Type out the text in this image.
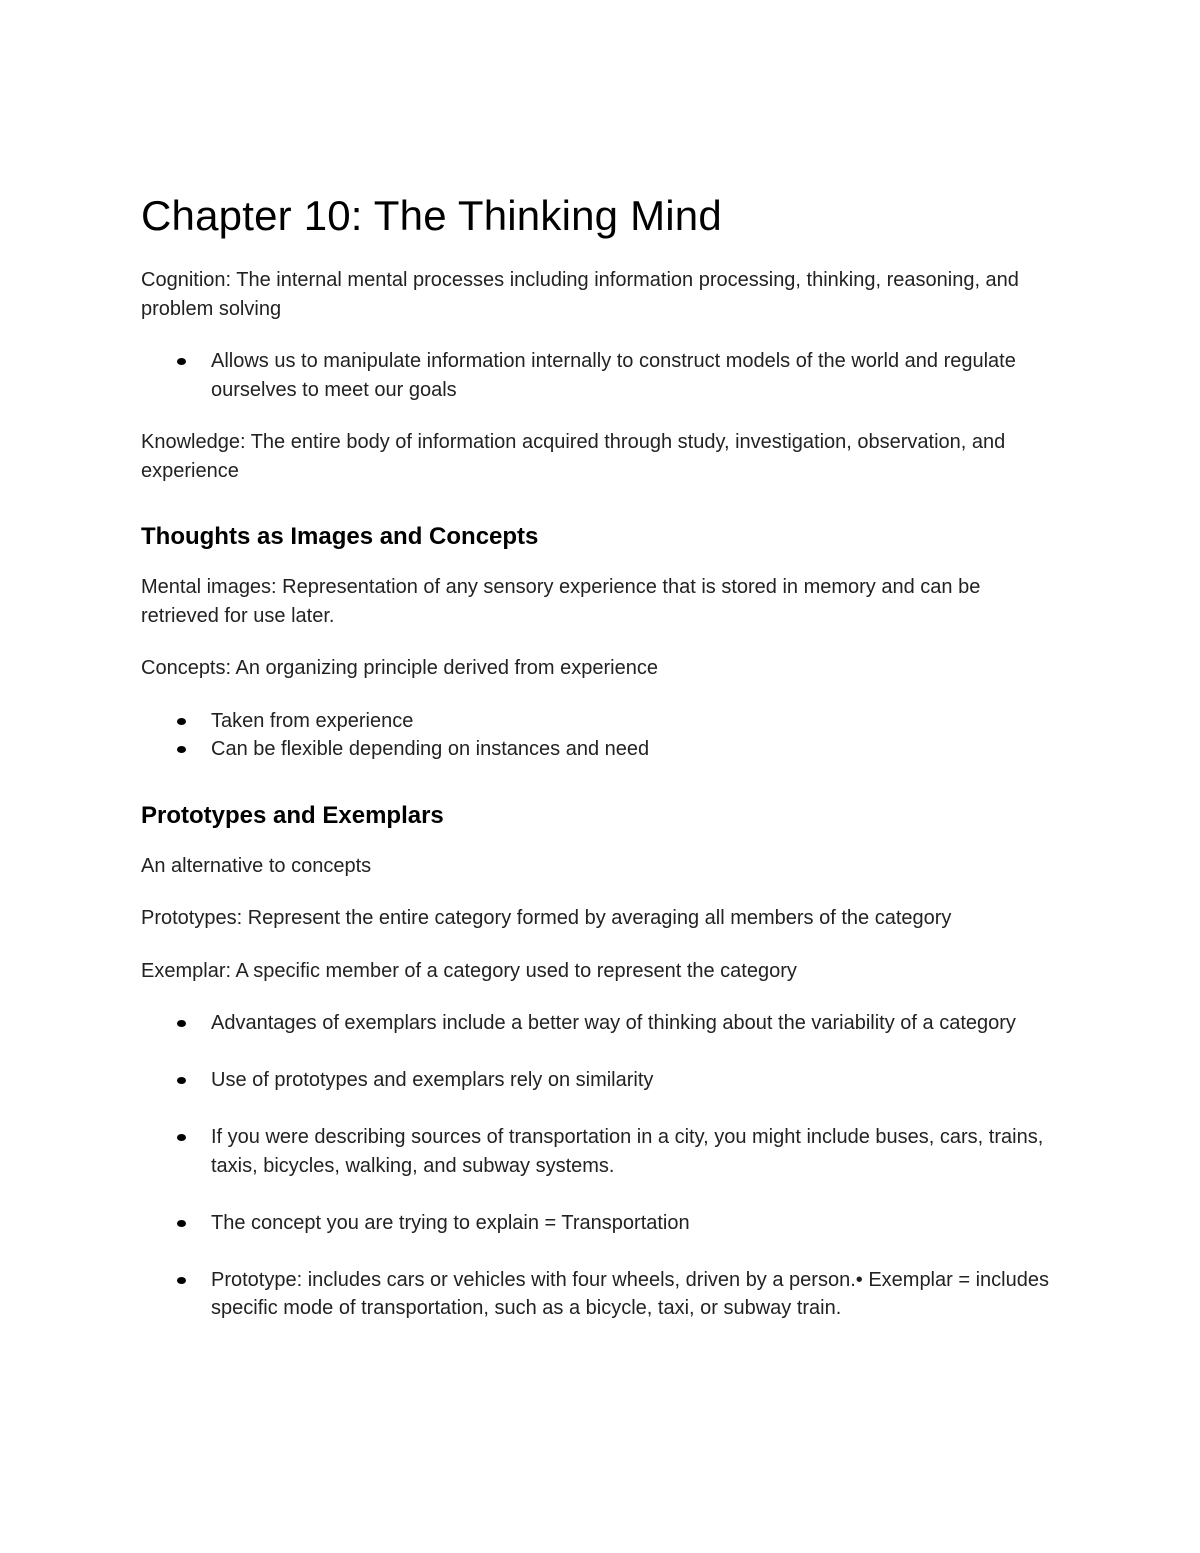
Chapter 10: The Thinking Mind

Cognition: The internal mental processes including information processing, thinking, reasoning, and problem solving

Allows us to manipulate information internally to construct models of the world and regulate ourselves to meet our goals

Knowledge: The entire body of information acquired through study, investigation, observation, and experience

Thoughts as Images and Concepts

Mental images: Representation of any sensory experience that is stored in memory and can be retrieved for use later.

Concepts: An organizing principle derived from experience

Taken from experience
Can be flexible depending on instances and need
Prototypes and Exemplars

An alternative to concepts

Prototypes: Represent the entire category formed by averaging all members of the category

Exemplar: A specific member of a category used to represent the category

Advantages of exemplars include a better way of thinking about the variability of a category
Use of prototypes and exemplars rely on similarity
If you were describing sources of transportation in a city, you might include buses, cars, trains, taxis, bicycles, walking, and subway systems.
The concept you are trying to explain = Transportation
Prototype: includes cars or vehicles with four wheels, driven by a person.• Exemplar = includes specific mode of transportation, such as a bicycle, taxi, or subway train.
